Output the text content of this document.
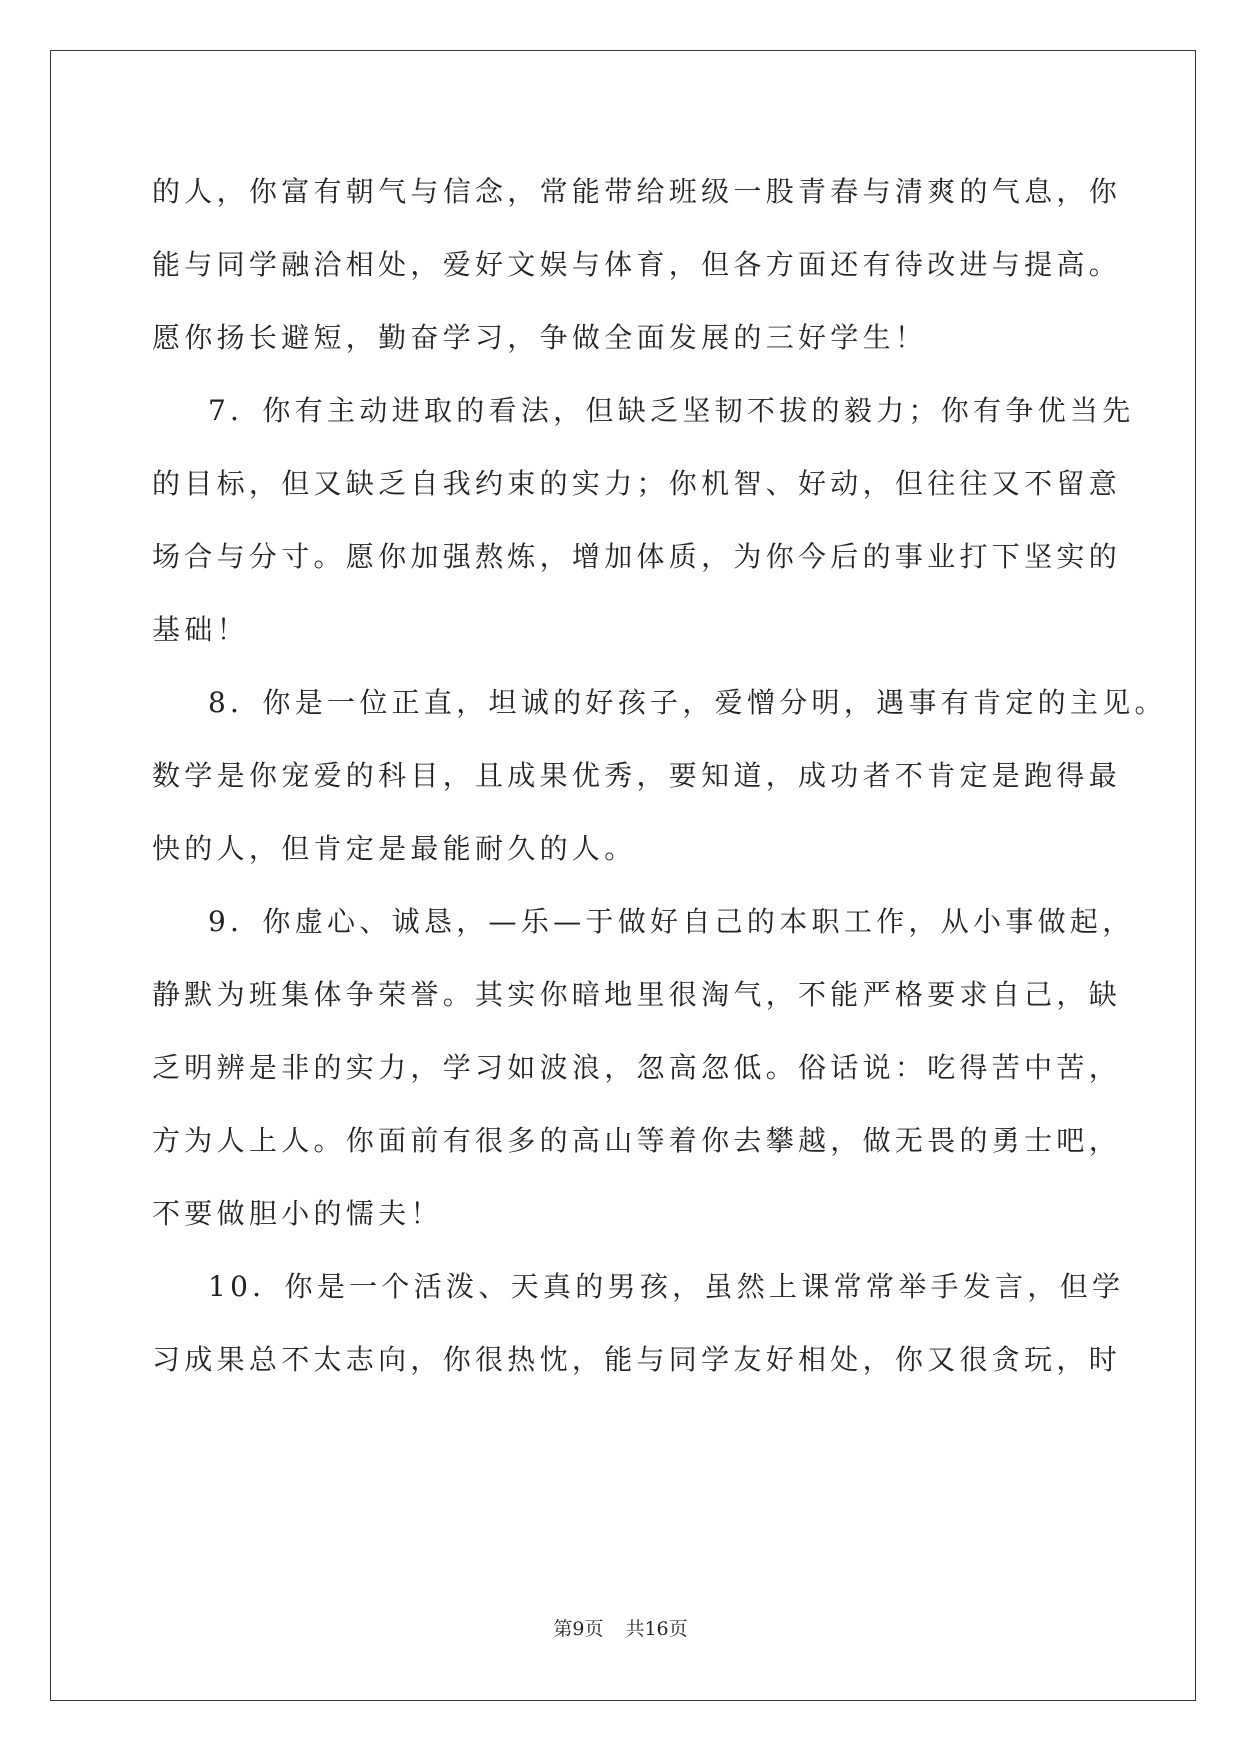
的人，你富有朝气与信念，常能带给班级一股青春与清爽的气息，你
能与同学融洽相处，爱好文娱与体育，但各方面还有待改进与提高。
愿你扬长避短，勤奋学习，争做全面发展的三好学生！
7．你有主动进取的看法，但缺乏坚韧不拔的毅力；你有争优当先
的目标，但又缺乏自我约束的实力；你机智、好动，但往往又不留意
场合与分寸。愿你加强熬炼，增加体质，为你今后的事业打下坚实的
基础！
8．你是一位正直，坦诚的好孩子，爱憎分明，遇事有肯定的主见。
数学是你宠爱的科目，且成果优秀，要知道，成功者不肯定是跑得最
快的人，但肯定是最能耐久的人。
9．你虚心、诚恳，—乐—于做好自己的本职工作，从小事做起，
静默为班集体争荣誉。其实你暗地里很淘气，不能严格要求自己，缺
乏明辨是非的实力，学习如波浪，忽高忽低。俗话说：吃得苦中苦，
方为人上人。你面前有很多的高山等着你去攀越，做无畏的勇士吧，
不要做胆小的懦夫！
10．你是一个活泼、天真的男孩，虽然上课常常举手发言，但学
习成果总不太志向，你很热忱，能与同学友好相处，你又很贪玩，时
第9页 共16页
